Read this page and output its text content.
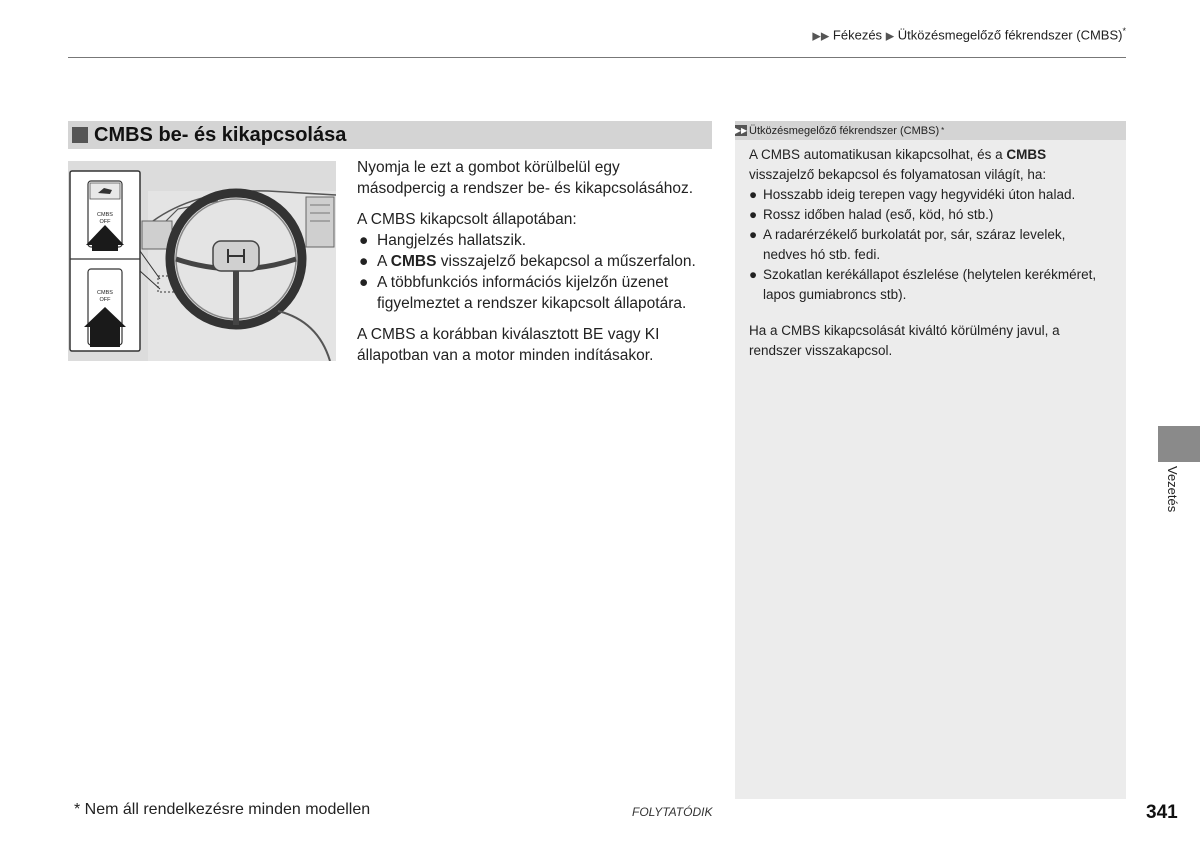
▶▶ Fékezés ▶ Ütközésmegelőző fékrendszer (CMBS)*
CMBS be- és kikapcsolása
CMBS
OFF
CMBS
OFF

Nyomja le ezt a gombot körülbelül egy másodpercig a rendszer be- és kikapcsolásához.

A CMBS kikapcsolt állapotában:

● Hangjelzés hallatszik.
● A CMBS visszajelző bekapcsol a műszerfalon.
● A többfunkciós információs kijelzőn üzenet figyelmeztet a rendszer kikapcsolt állapotára.

A CMBS a korábban kiválasztott BE vagy KI állapotban van a motor minden indításakor.

▶▶ Ütközésmegelőző fékrendszer (CMBS) *

A CMBS automatikusan kikapcsolhat, és a CMBS visszajelző bekapcsol és folyamatosan világít, ha:

● Hosszabb ideig terepen vagy hegyvidéki úton halad.
● Rossz időben halad (eső, köd, hó stb.)
● A radarérzékelő burkolatát por, sár, száraz levelek, nedves hó stb. fedi.
● Szokatlan kerékállapot észlelése (helytelen kerékméret, lapos gumiabroncs stb).

Ha a CMBS kikapcsolását kiváltó körülmény javul, a rendszer visszakapcsol.

Vezetés
* Nem áll rendelkezésre minden modellen	FOLYTATÓDIK	341
